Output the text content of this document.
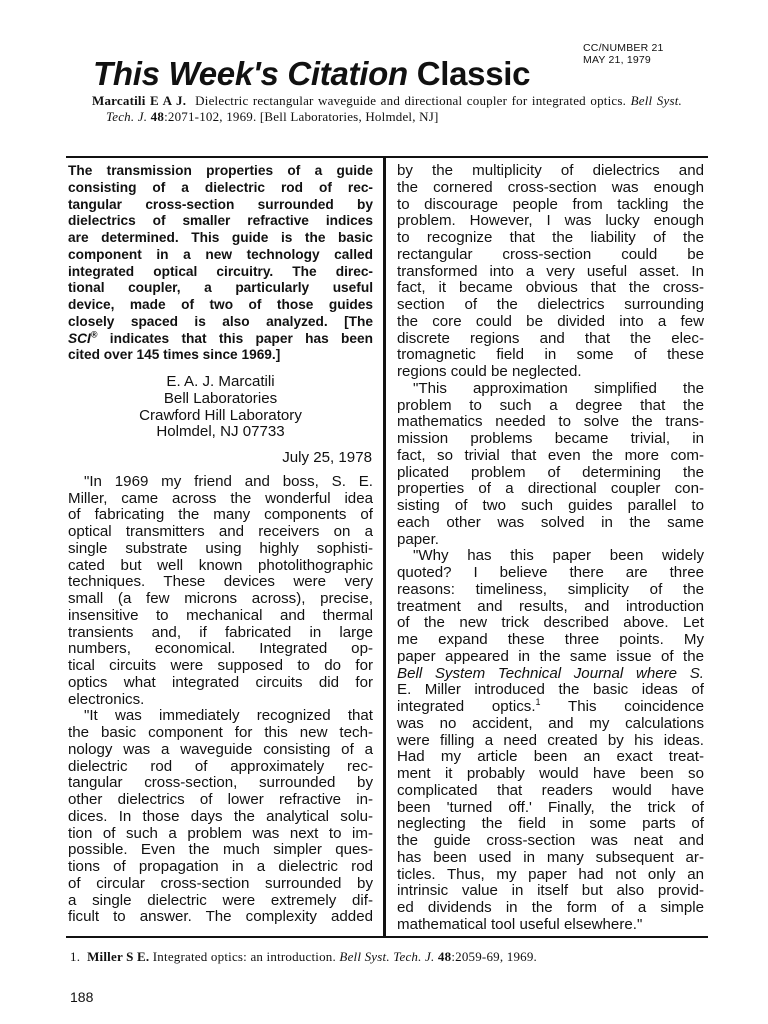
CC/NUMBER 21
MAY 21, 1979
This Week's Citation Classic

Marcatili E A J. Dielectric rectangular waveguide and directional coupler for integrated optics. Bell Syst. Tech. J. 48:2071-102, 1969. [Bell Laboratories, Holmdel, NJ]

The transmission properties of a guide
consisting of a dielectric rod of rec-
tangular cross-section surrounded by
dielectrics of smaller refractive indices
are determined. This guide is the basic
component in a new technology called
integrated optical circuitry. The direc-
tional coupler, a particularly useful
device, made of two of those guides
closely spaced is also analyzed. [The
SCI® indicates that this paper has been
cited over 145 times since 1969.]
E. A. J. Marcatili
Bell Laboratories
Crawford Hill Laboratory
Holmdel, NJ 07733
July 25, 1978
"In 1969 my friend and boss, S. E.
Miller, came across the wonderful idea
of fabricating the many components of
optical transmitters and receivers on a
single substrate using highly sophisti-
cated but well known photolithographic
techniques. These devices were very
small (a few microns across), precise,
insensitive to mechanical and thermal
transients and, if fabricated in large
numbers, economical. Integrated op-
tical circuits were supposed to do for
optics what integrated circuits did for
electronics.
"It was immediately recognized that
the basic component for this new tech-
nology was a waveguide consisting of a
dielectric rod of approximately rec-
tangular cross-section, surrounded by
other dielectrics of lower refractive in-
dices. In those days the analytical solu-
tion of such a problem was next to im-
possible. Even the much simpler ques-
tions of propagation in a dielectric rod
of circular cross-section surrounded by
a single dielectric were extremely dif-
ficult to answer. The complexity added
by the multiplicity of dielectrics and
the cornered cross-section was enough
to discourage people from tackling the
problem. However, I was lucky enough
to recognize that the liability of the
rectangular cross-section could be
transformed into a very useful asset. In
fact, it became obvious that the cross-
section of the dielectrics surrounding
the core could be divided into a few
discrete regions and that the elec-
tromagnetic field in some of these
regions could be neglected.
"This approximation simplified the
problem to such a degree that the
mathematics needed to solve the trans-
mission problems became trivial, in
fact, so trivial that even the more com-
plicated problem of determining the
properties of a directional coupler con-
sisting of two such guides parallel to
each other was solved in the same
paper.
"Why has this paper been widely
quoted? I believe there are three
reasons: timeliness, simplicity of the
treatment and results, and introduction
of the new trick described above. Let
me expand these three points. My
paper appeared in the same issue of the
Bell System Technical Journal where S.
E. Miller introduced the basic ideas of
integrated optics.$^1$ This coincidence
was no accident, and my calculations
were filling a need created by his ideas.
Had my article been an exact treat-
ment it probably would have been so
complicated that readers would have
been 'turned off.' Finally, the trick of
neglecting the field in some parts of
the guide cross-section was neat and
has been used in many subsequent ar-
ticles. Thus, my paper had not only an
intrinsic value in itself but also provid-
ed dividends in the form of a simple
mathematical tool useful elsewhere."
1. Miller S E. Integrated optics: an introduction. Bell Syst. Tech. J. 48:2059-69, 1969.
188
